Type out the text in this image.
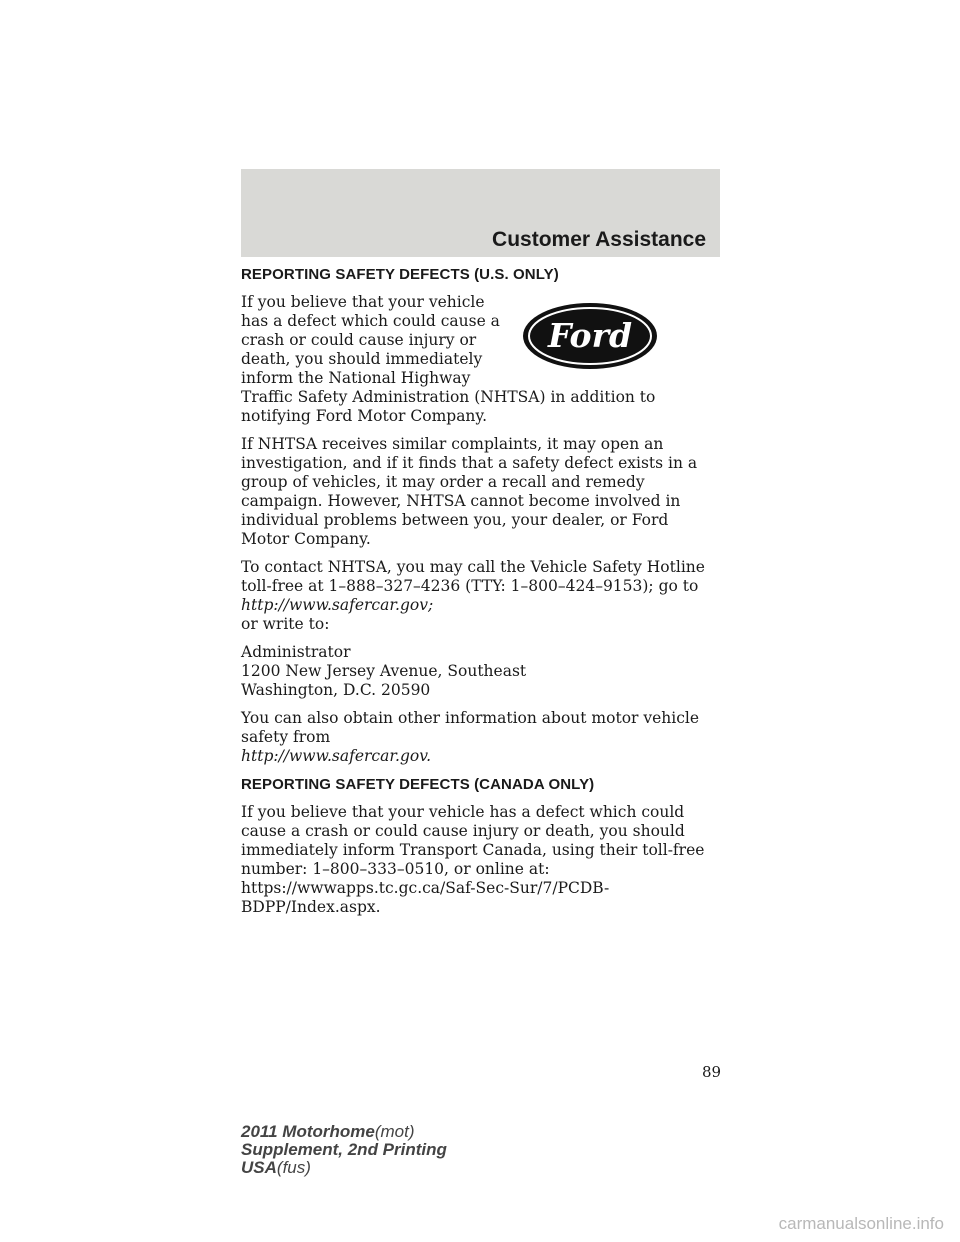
Customer Assistance
REPORTING SAFETY DEFECTS (U.S. ONLY)
Ford

If you believe that your vehicle has a defect which could cause a crash or could cause injury or death, you should immediately inform the National Highway Traffic Safety Administration (NHTSA) in addition to notifying Ford Motor Company.

If NHTSA receives similar complaints, it may open an investigation, and if it finds that a safety defect exists in a group of vehicles, it may order a recall and remedy campaign. However, NHTSA cannot become involved in individual problems between you, your dealer, or Ford Motor Company.

To contact NHTSA, you may call the Vehicle Safety Hotline toll-free at 1–888–327–4236 (TTY: 1–800–424–9153); go to http://www.safercar.gov;
or write to:

Administrator
1200 New Jersey Avenue, Southeast
Washington, D.C. 20590

You can also obtain other information about motor vehicle safety from
http://www.safercar.gov.

REPORTING SAFETY DEFECTS (CANADA ONLY)

If you believe that your vehicle has a defect which could cause a crash or could cause injury or death, you should immediately inform Transport Canada, using their toll-free number: 1–800–333–0510, or online at: https://wwwapps.tc.gc.ca/Saf-Sec-Sur/7/PCDB-BDPP/Index.aspx.

89
2011 Motorhome(mot)
Supplement, 2nd Printing
USA(fus)
carmanualsonline.info
